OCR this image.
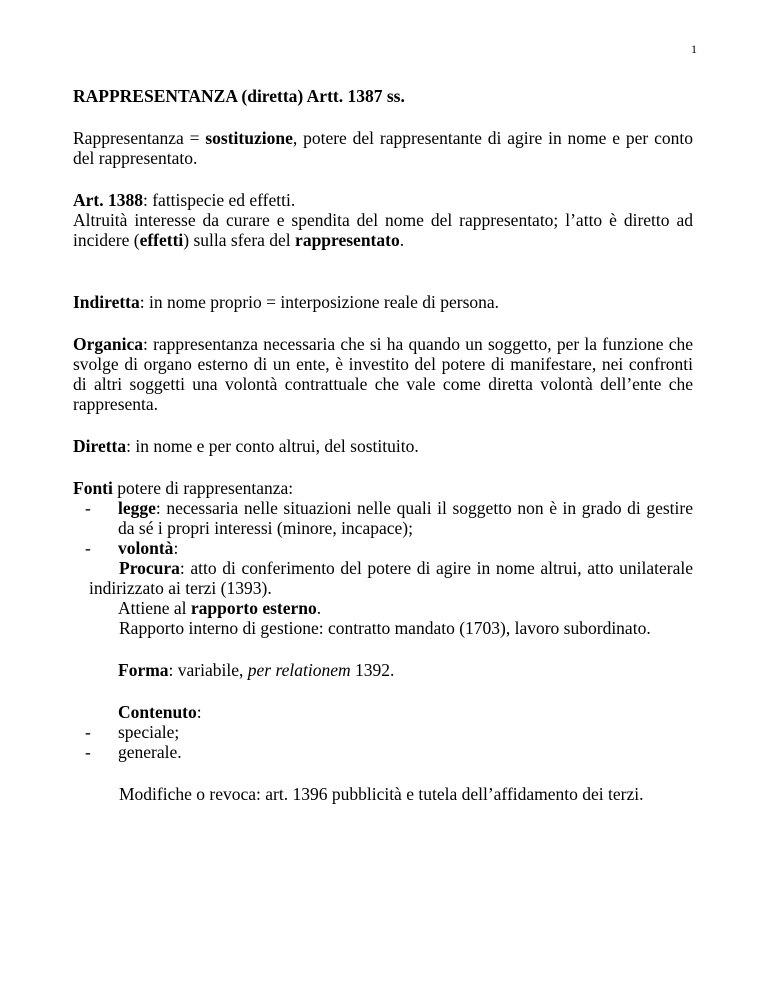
1

RAPPRESENTANZA (diretta) Artt. 1387 ss.

Rappresentanza = sostituzione, potere del rappresentante di agire in nome e per conto del rappresentato.

Art. 1388: fattispecie ed effetti.

Altruità interesse da curare e spendita del nome del rappresentato; l’atto è diretto ad incidere (effetti) sulla sfera del rappresentato.

Indiretta: in nome proprio = interposizione reale di persona.

Organica: rappresentanza necessaria che si ha quando un soggetto, per la funzione che svolge di organo esterno di un ente, è investito del potere di manifestare, nei confronti di altri soggetti una volontà contrattuale che vale come diretta volontà dell’ente che rappresenta.

Diretta: in nome e per conto altrui, del sostituito.

Fonti potere di rappresentanza:

- legge: necessaria nelle situazioni nelle quali il soggetto non è in grado di gestire da sé i propri interessi (minore, incapace);
- volontà:

Procura: atto di conferimento del potere di agire in nome altrui, atto unilaterale indirizzato ai terzi (1393).

Attiene al rapporto esterno.

Rapporto interno di gestione: contratto mandato (1703), lavoro subordinato.

Forma: variabile, per relationem 1392.

Contenuto:

- speciale;
- generale.

Modifiche o revoca: art. 1396 pubblicità e tutela dell’affidamento dei terzi.
